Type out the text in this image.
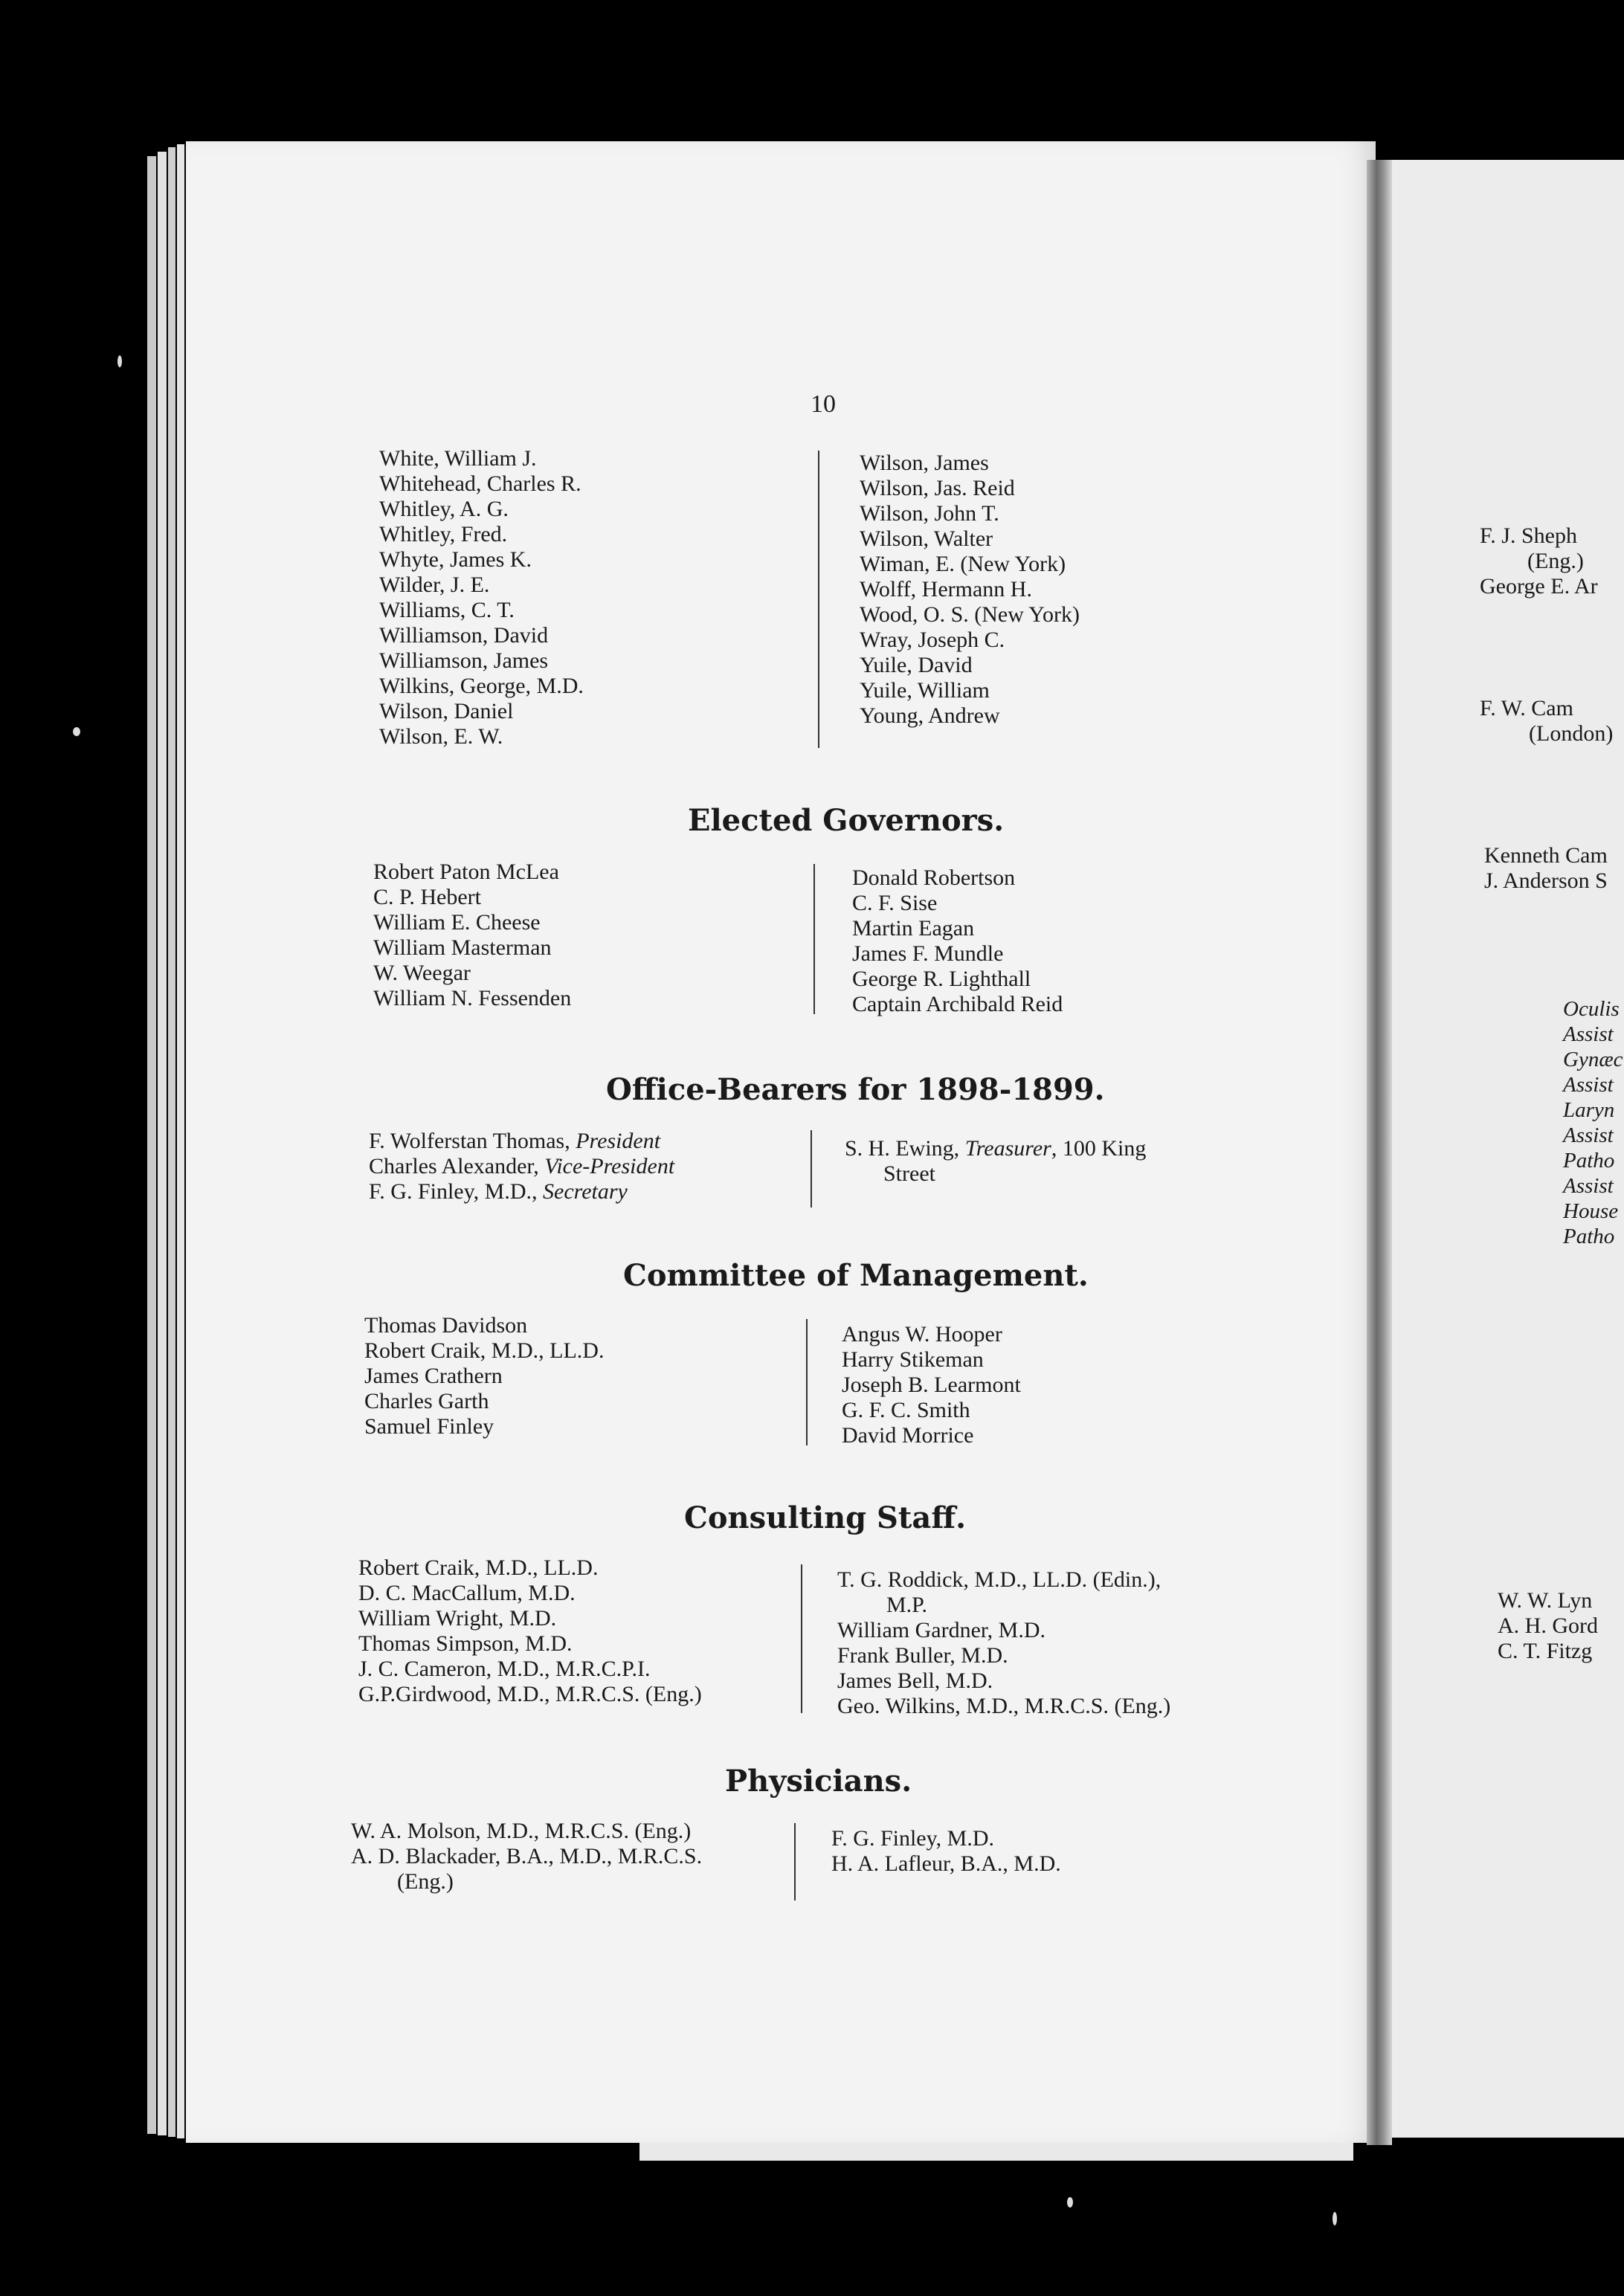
10
White, William J.
Whitehead, Charles R.
Whitley, A. G.
Whitley, Fred.
Whyte, James K.
Wilder, J. E.
Williams, C. T.
Williamson, David
Williamson, James
Wilkins, George, M.D.
Wilson, Daniel
Wilson, E. W.
Wilson, James
Wilson, Jas. Reid
Wilson, John T.
Wilson, Walter
Wiman, E. (New York)
Wolff, Hermann H.
Wood, O. S. (New York)
Wray, Joseph C.
Yuile, David
Yuile, William
Young, Andrew
Elected Governors.
Robert Paton McLea
C. P. Hebert
William E. Cheese
William Masterman
W. Weegar
William N. Fessenden
Donald Robertson
C. F. Sise
Martin Eagan
James F. Mundle
George R. Lighthall
Captain Archibald Reid
Office-Bearers for 1898-1899.
F. Wolferstan Thomas, President
Charles Alexander, Vice-President
F. G. Finley, M.D., Secretary
S. H. Ewing, Treasurer, 100 King
Street
Committee of Management.
Thomas Davidson
Robert Craik, M.D., LL.D.
James Crathern
Charles Garth
Samuel Finley
Angus W. Hooper
Harry Stikeman
Joseph B. Learmont
G. F. C. Smith
David Morrice
Consulting Staff.
Robert Craik, M.D., LL.D.
D. C. MacCallum, M.D.
William Wright, M.D.
Thomas Simpson, M.D.
J. C. Cameron, M.D., M.R.C.P.I.
G.P.Girdwood, M.D., M.R.C.S. (Eng.)
T. G. Roddick, M.D., LL.D. (Edin.),
M.P.
William Gardner, M.D.
Frank Buller, M.D.
James Bell, M.D.
Geo. Wilkins, M.D., M.R.C.S. (Eng.)
Physicians.
W. A. Molson, M.D., M.R.C.S. (Eng.)
A. D. Blackader, B.A., M.D., M.R.C.S.
(Eng.)
F. G. Finley, M.D.
H. A. Lafleur, B.A., M.D.
F. J. Sheph
(Eng.)
George E. Ar
F. W. Cam
(London)
Kenneth Cam
J. Anderson S
Oculis
Assist
Gynæc
Assist
Laryn
Assist
Patho
Assist
House
Patho
W. W. Lyn
A. H. Gord
C. T. Fitzg
